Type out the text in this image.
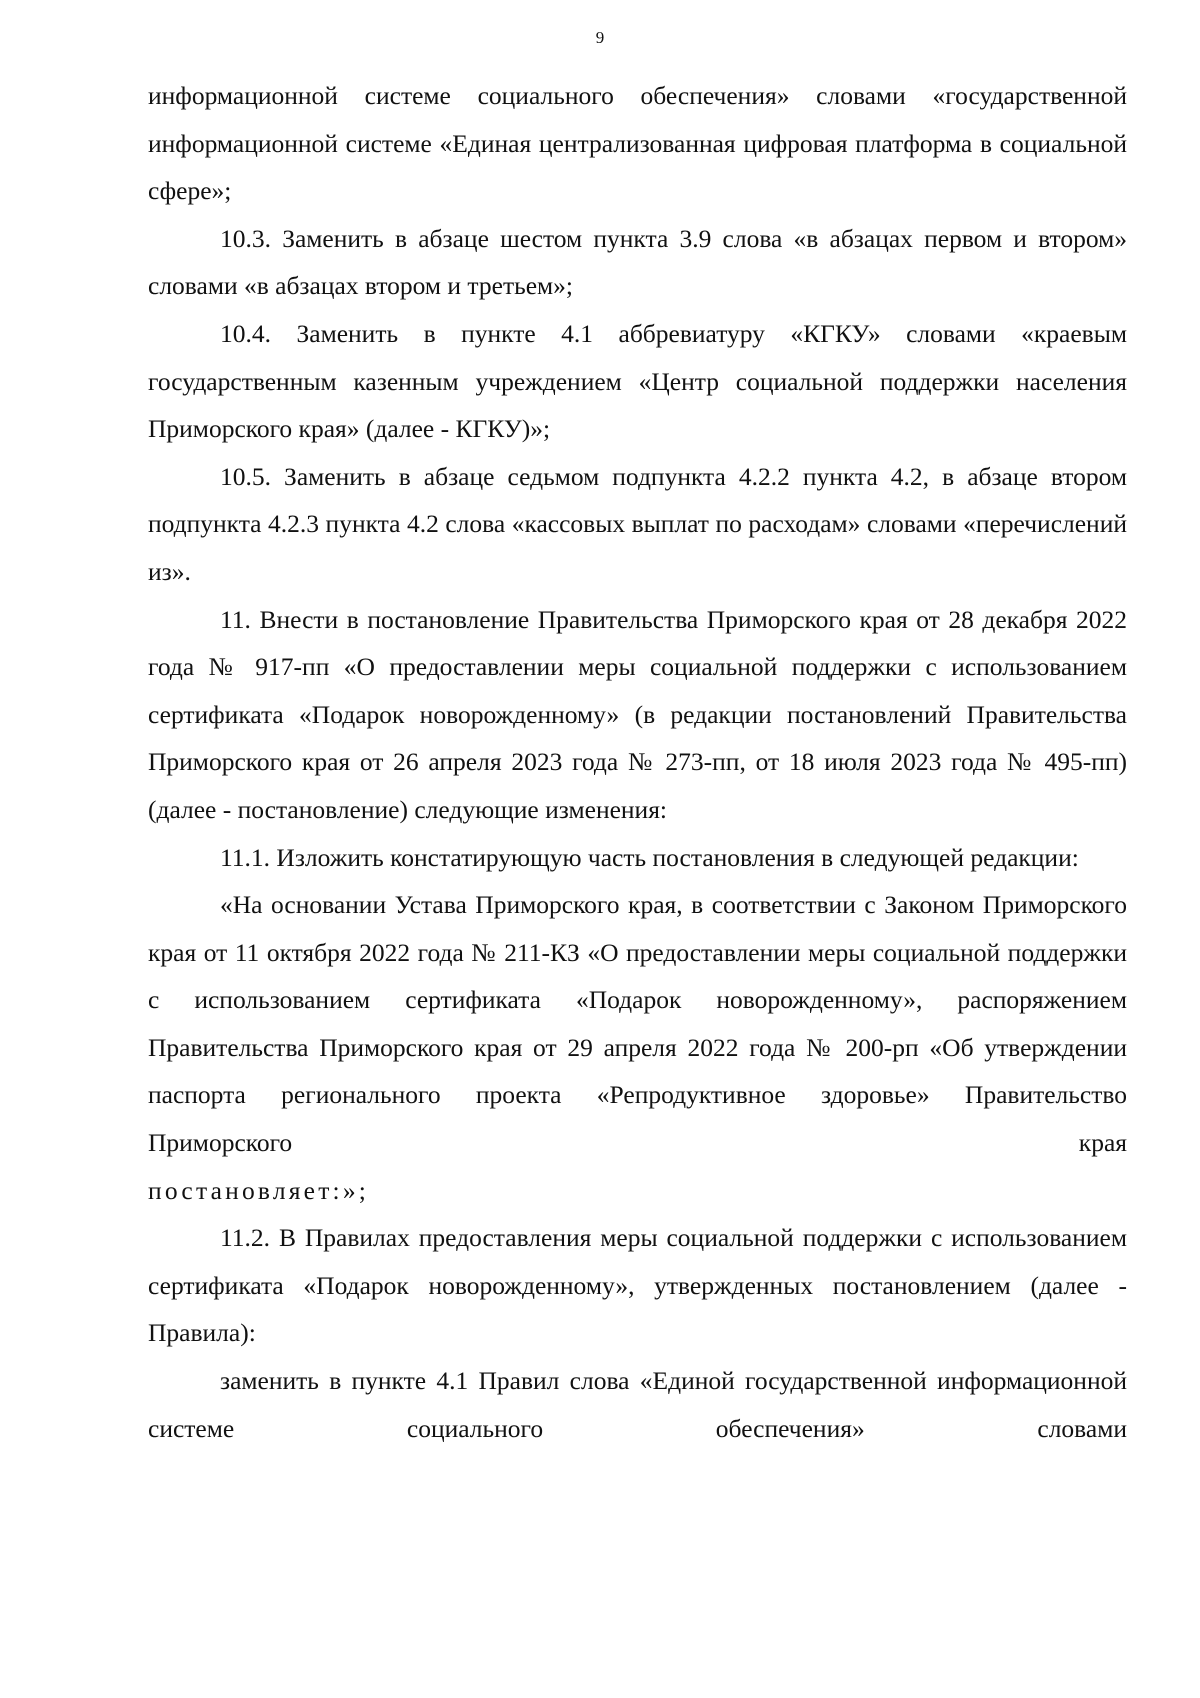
9

информационной системе социального обеспечения» словами «государственной информационной системе «Единая централизованная цифровая платформа в социальной сфере»;

10.3. Заменить в абзаце шестом пункта 3.9 слова «в абзацах первом и втором» словами «в абзацах втором и третьем»;

10.4. Заменить в пункте 4.1 аббревиатуру «КГКУ» словами «краевым государственным казенным учреждением «Центр социальной поддержки населения Приморского края» (далее - КГКУ)»;

10.5. Заменить в абзаце седьмом подпункта 4.2.2 пункта 4.2, в абзаце втором подпункта 4.2.3 пункта 4.2 слова «кассовых выплат по расходам» словами «перечислений из».

11. Внести в постановление Правительства Приморского края от 28 декабря 2022 года № 917-пп «О предоставлении меры социальной поддержки с использованием сертификата «Подарок новорожденному» (в редакции постановлений Правительства Приморского края от 26 апреля 2023 года № 273-пп, от 18 июля 2023 года № 495-пп) (далее - постановление) следующие изменения:

11.1. Изложить констатирующую часть постановления в следующей редакции:

«На основании Устава Приморского края, в соответствии с Законом Приморского края от 11 октября 2022 года № 211-КЗ «О предоставлении меры социальной поддержки с использованием сертификата «Подарок новорожденному», распоряжением Правительства Приморского края от 29 апреля 2022 года № 200-рп «Об утверждении паспорта регионального проекта «Репродуктивное здоровье» Правительство Приморского края

постановляет:»;

11.2. В Правилах предоставления меры социальной поддержки с использованием сертификата «Подарок новорожденному», утвержденных постановлением (далее - Правила):

заменить в пункте 4.1 Правил слова «Единой государственной информационной системе социального обеспечения» словами
